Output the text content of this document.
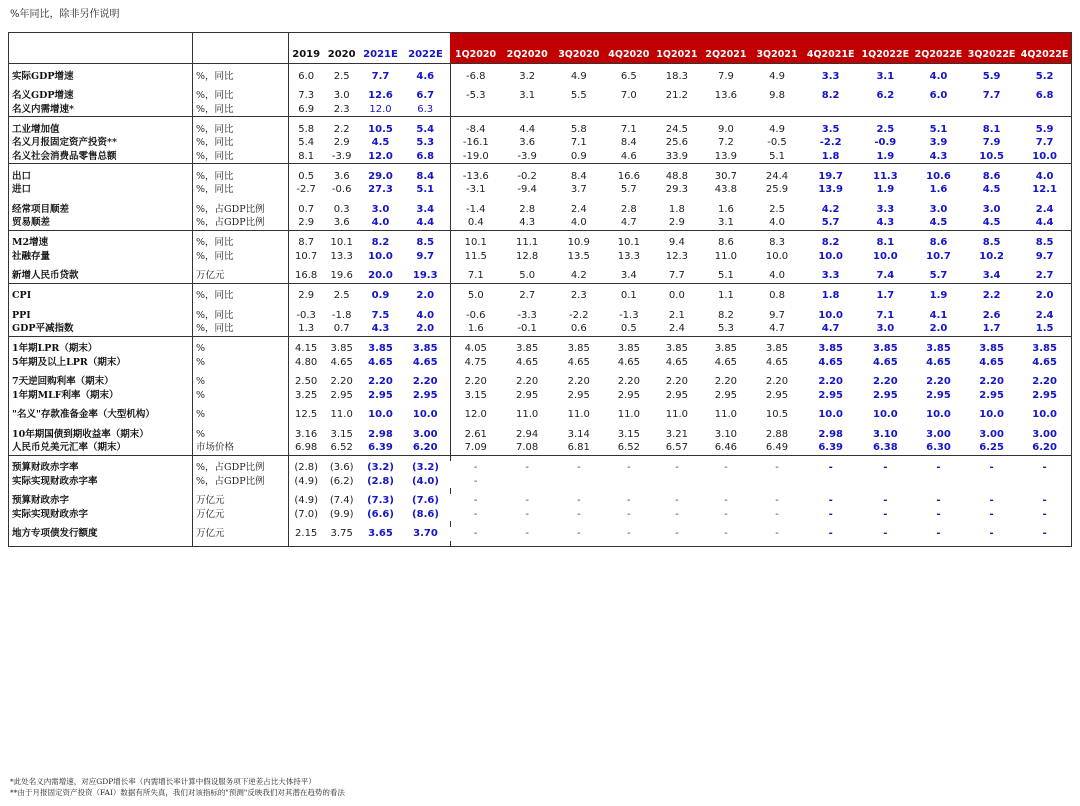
%年同比，除非另作说明
		2019	2020	2021E	2022E	1Q2020	2Q2020	3Q2020	4Q2020	1Q2021	2Q2021	3Q2021	4Q2021E	1Q2022E	2Q2022E	3Q2022E	4Q2022E

实际GDP增速	%，同比	6.0	2.5	7.7	4.6	-6.8	3.2	4.9	6.5	18.3	7.9	4.9	3.3	3.1	4.0	5.9	5.2

名义GDP增速	%，同比	7.3	3.0	12.6	6.7	-5.3	3.1	5.5	7.0	21.2	13.6	9.8	8.2	6.2	6.0	7.7	6.8
名义内需增速*	%，同比	6.9	2.3	12.0	6.3												

工业增加值	%，同比	5.8	2.2	10.5	5.4	-8.4	4.4	5.8	7.1	24.5	9.0	4.9	3.5	2.5	5.1	8.1	5.9
名义月报固定资产投资**	%，同比	5.4	2.9	4.5	5.3	-16.1	3.6	7.1	8.4	25.6	7.2	-0.5	-2.2	-0.9	3.9	7.9	7.7
名义社会消费品零售总额	%，同比	8.1	-3.9	12.0	6.8	-19.0	-3.9	0.9	4.6	33.9	13.9	5.1	1.8	1.9	4.3	10.5	10.0

出口	%，同比	0.5	3.6	29.0	8.4	-13.6	-0.2	8.4	16.6	48.8	30.7	24.4	19.7	11.3	10.6	8.6	4.0
进口	%，同比	-2.7	-0.6	27.3	5.1	-3.1	-9.4	3.7	5.7	29.3	43.8	25.9	13.9	1.9	1.6	4.5	12.1

经常项目顺差	%，占GDP比例	0.7	0.3	3.0	3.4	-1.4	2.8	2.4	2.8	1.8	1.6	2.5	4.2	3.3	3.0	3.0	2.4
贸易顺差	%，占GDP比例	2.9	3.6	4.0	4.4	0.4	4.3	4.0	4.7	2.9	3.1	4.0	5.7	4.3	4.5	4.5	4.4

M2增速	%，同比	8.7	10.1	8.2	8.5	10.1	11.1	10.9	10.1	9.4	8.6	8.3	8.2	8.1	8.6	8.5	8.5
社融存量	%，同比	10.7	13.3	10.0	9.7	11.5	12.8	13.5	13.3	12.3	11.0	10.0	10.0	10.0	10.7	10.2	9.7

新增人民币贷款	万亿元	16.8	19.6	20.0	19.3	7.1	5.0	4.2	3.4	7.7	5.1	4.0	3.3	7.4	5.7	3.4	2.7

CPI	%，同比	2.9	2.5	0.9	2.0	5.0	2.7	2.3	0.1	0.0	1.1	0.8	1.8	1.7	1.9	2.2	2.0

PPI	%，同比	-0.3	-1.8	7.5	4.0	-0.6	-3.3	-2.2	-1.3	2.1	8.2	9.7	10.0	7.1	4.1	2.6	2.4
GDP平减指数	%，同比	1.3	0.7	4.3	2.0	1.6	-0.1	0.6	0.5	2.4	5.3	4.7	4.7	3.0	2.0	1.7	1.5

1年期LPR（期末）	%	4.15	3.85	3.85	3.85	4.05	3.85	3.85	3.85	3.85	3.85	3.85	3.85	3.85	3.85	3.85	3.85
5年期及以上LPR（期末）	%	4.80	4.65	4.65	4.65	4.75	4.65	4.65	4.65	4.65	4.65	4.65	4.65	4.65	4.65	4.65	4.65

7天逆回购利率（期末）	%	2.50	2.20	2.20	2.20	2.20	2.20	2.20	2.20	2.20	2.20	2.20	2.20	2.20	2.20	2.20	2.20
1年期MLF利率（期末）	%	3.25	2.95	2.95	2.95	3.15	2.95	2.95	2.95	2.95	2.95	2.95	2.95	2.95	2.95	2.95	2.95

"名义"存款准备金率（大型机构）	%	12.5	11.0	10.0	10.0	12.0	11.0	11.0	11.0	11.0	11.0	10.5	10.0	10.0	10.0	10.0	10.0

10年期国债到期收益率（期末）	%	3.16	3.15	2.98	3.00	2.61	2.94	3.14	3.15	3.21	3.10	2.88	2.98	3.10	3.00	3.00	3.00
人民币兑美元汇率（期末）	市场价格	6.98	6.52	6.39	6.20	7.09	7.08	6.81	6.52	6.57	6.46	6.49	6.39	6.38	6.30	6.25	6.20

预算财政赤字率	%，占GDP比例	(2.8)	(3.6)	(3.2)	(3.2)	-	-	-	-	-	-	-	-	-	-	-	-
实际实现财政赤字率	%，占GDP比例	(4.9)	(6.2)	(2.8)	(4.0)	-											

预算财政赤字	万亿元	(4.9)	(7.4)	(7.3)	(7.6)	-	-	-	-	-	-	-	-	-	-	-	-
实际实现财政赤字	万亿元	(7.0)	(9.9)	(6.6)	(8.6)	-	-	-	-	-	-	-	-	-	-	-	-

地方专项债发行额度	万亿元	2.15	3.75	3.65	3.70	-	-	-	-	-	-	-	-	-	-	-	-

*此处名义内需增速，对应GDP增长率（内需增长率计算中假设服务项下逆差占比大体持平）
**由于月报固定资产投资（FAI）数据有所失真，我们对该指标的"预测"反映我们对其潜在趋势的看法
